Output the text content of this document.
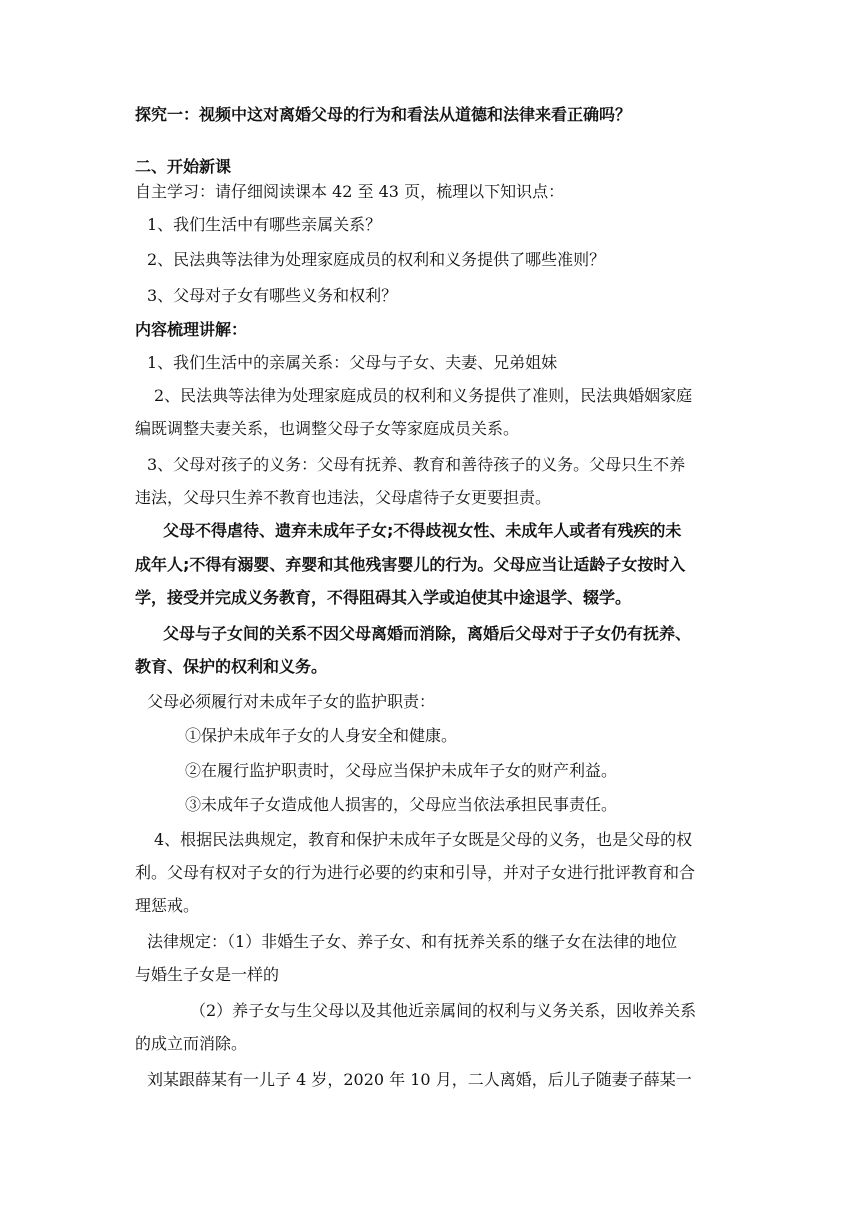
探究一：视频中这对离婚父母的行为和看法从道德和法律来看正确吗？
二、开始新课
自主学习：请仔细阅读课本 42 至 43 页，梳理以下知识点：
1、我们生活中有哪些亲属关系？
2、民法典等法律为处理家庭成员的权利和义务提供了哪些准则？
3、父母对子女有哪些义务和权利？
内容梳理讲解：
1、我们生活中的亲属关系：父母与子女、夫妻、兄弟姐妹
2、民法典等法律为处理家庭成员的权利和义务提供了准则，民法典婚姻家庭
编既调整夫妻关系，也调整父母子女等家庭成员关系。
3、父母对孩子的义务：父母有抚养、教育和善待孩子的义务。父母只生不养
违法，父母只生养不教育也违法，父母虐待子女更要担责。
父母不得虐待、遗弃未成年子女;不得歧视女性、未成年人或者有残疾的未
成年人;不得有溺婴、弃婴和其他残害婴儿的行为。父母应当让适龄子女按时入
学，接受并完成义务教育，不得阻碍其入学或迫使其中途退学、辍学。
父母与子女间的关系不因父母离婚而消除，离婚后父母对于子女仍有抚养、
教育、保护的权利和义务。
父母必须履行对未成年子女的监护职责：
①保护未成年子女的人身安全和健康。
②在履行监护职责时，父母应当保护未成年子女的财产利益。
③未成年子女造成他人损害的，父母应当依法承担民事责任。
4、根据民法典规定，教育和保护未成年子女既是父母的义务，也是父母的权
利。父母有权对子女的行为进行必要的约束和引导，并对子女进行批评教育和合
理惩戒。
法律规定：（1）非婚生子女、养子女、和有抚养关系的继子女在法律的地位
与婚生子女是一样的
（2）养子女与生父母以及其他近亲属间的权利与义务关系，因收养关系
的成立而消除。
刘某跟薛某有一儿子 4 岁，2020 年 10 月，二人离婚，后儿子随妻子薛某一
